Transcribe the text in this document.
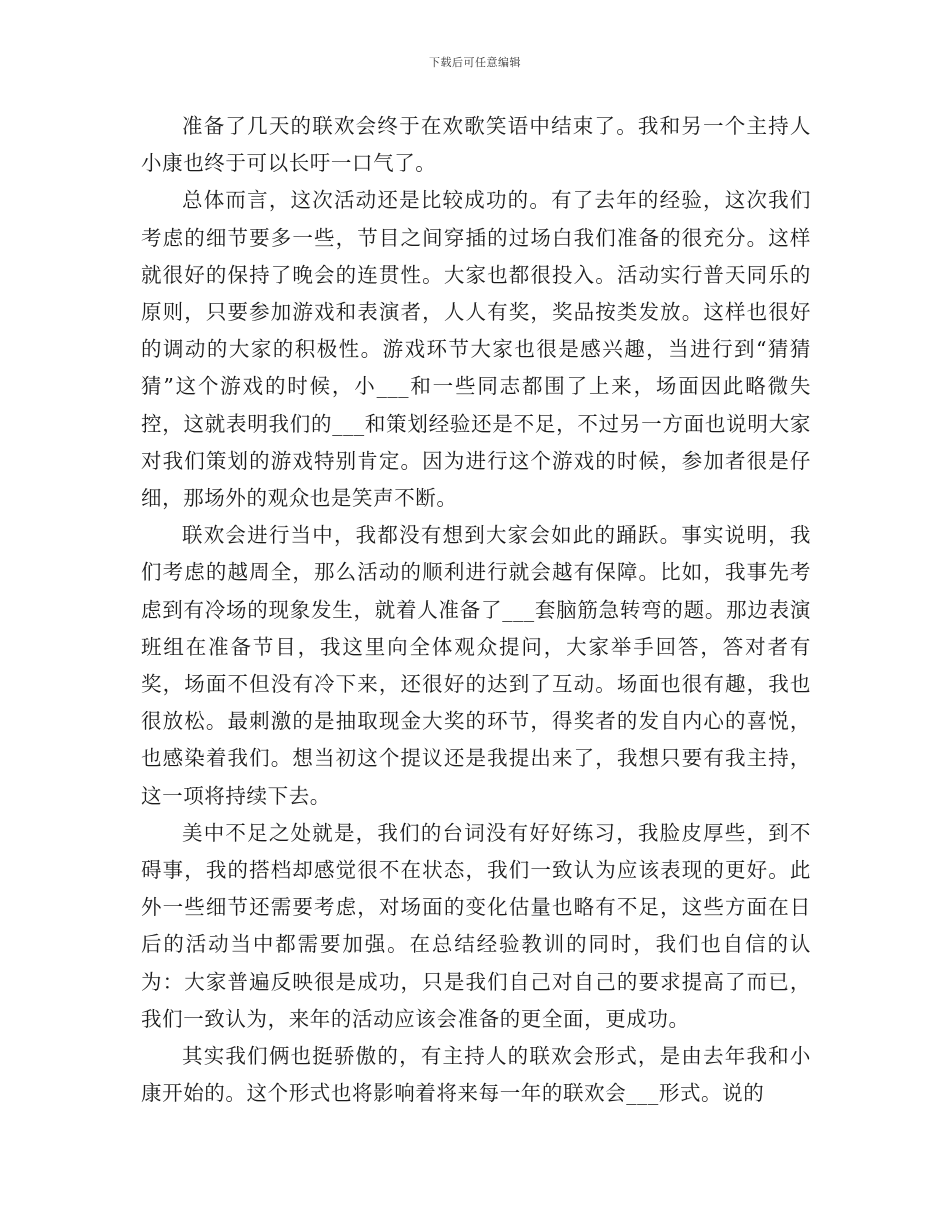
下载后可任意编辑

准备了几天的联欢会终于在欢歌笑语中结束了。我和另一个主持人小康也终于可以长吁一口气了。

总体而言，这次活动还是比较成功的。有了去年的经验，这次我们考虑的细节要多一些，节目之间穿插的过场白我们准备的很充分。这样就很好的保持了晚会的连贯性。大家也都很投入。活动实行普天同乐的原则，只要参加游戏和表演者，人人有奖，奖品按类发放。这样也很好的调动的大家的积极性。游戏环节大家也很是感兴趣，当进行到“猜猜猜”这个游戏的时候，小___和一些同志都围了上来，场面因此略微失控，这就表明我们的___和策划经验还是不足，不过另一方面也说明大家对我们策划的游戏特别肯定。因为进行这个游戏的时候，参加者很是仔细，那场外的观众也是笑声不断。

联欢会进行当中，我都没有想到大家会如此的踊跃。事实说明，我们考虑的越周全，那么活动的顺利进行就会越有保障。比如，我事先考虑到有冷场的现象发生，就着人准备了___套脑筋急转弯的题。那边表演班组在准备节目，我这里向全体观众提问，大家举手回答，答对者有奖，场面不但没有冷下来，还很好的达到了互动。场面也很有趣，我也很放松。最刺激的是抽取现金大奖的环节，得奖者的发自内心的喜悦，也感染着我们。想当初这个提议还是我提出来了，我想只要有我主持，这一项将持续下去。

美中不足之处就是，我们的台词没有好好练习，我脸皮厚些，到不碍事，我的搭档却感觉很不在状态，我们一致认为应该表现的更好。此外一些细节还需要考虑，对场面的变化估量也略有不足，这些方面在日后的活动当中都需要加强。在总结经验教训的同时，我们也自信的认为：大家普遍反映很是成功，只是我们自己对自己的要求提高了而已，我们一致认为，来年的活动应该会准备的更全面，更成功。

其实我们俩也挺骄傲的，有主持人的联欢会形式，是由去年我和小康开始的。这个形式也将影响着将来每一年的联欢会___形式。说的
